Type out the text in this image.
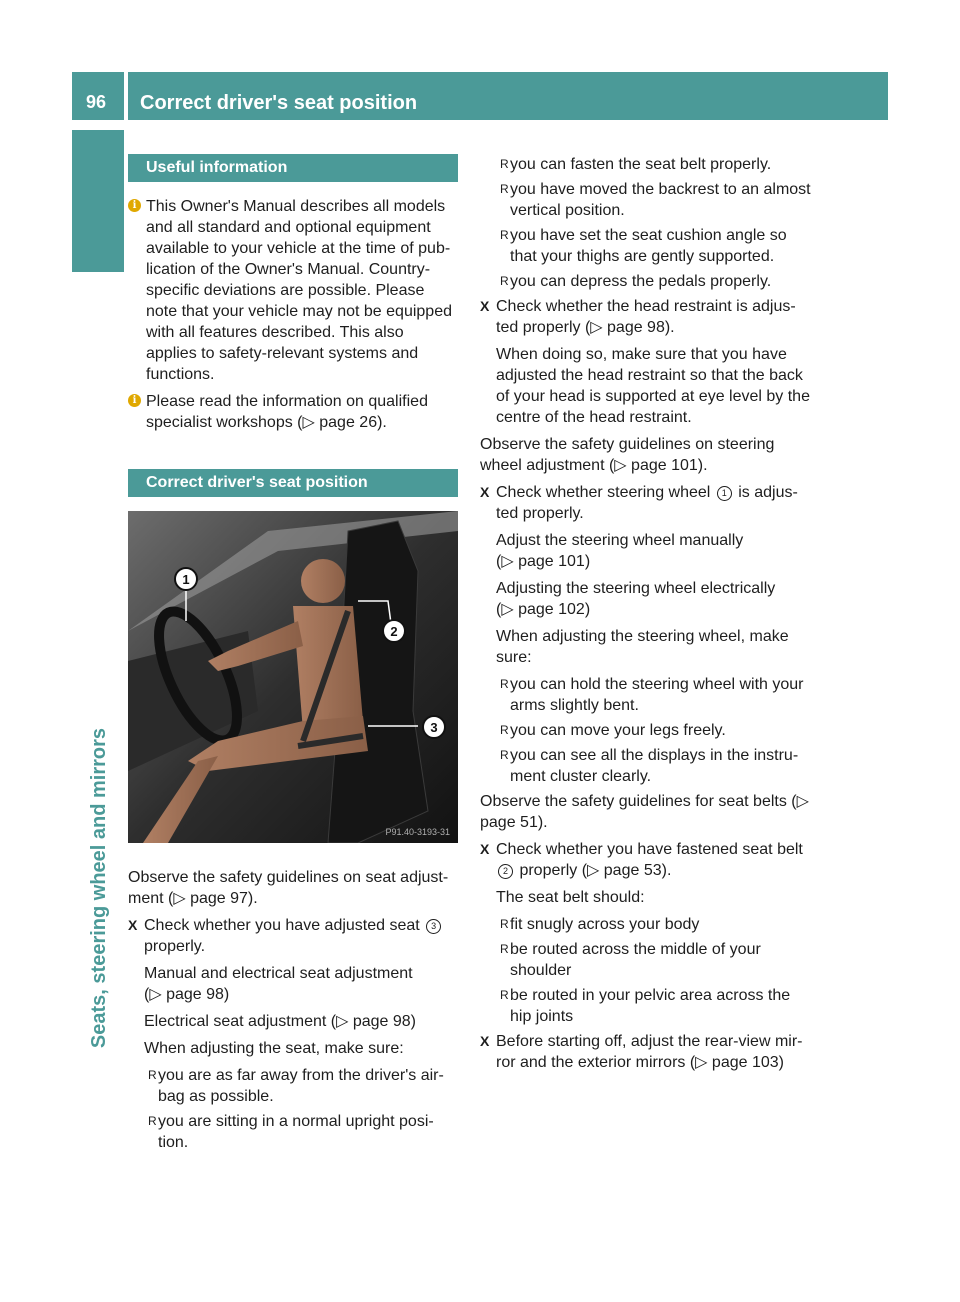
96	Correct driver's seat position
Seats, steering wheel and mirrors
Useful information

i This Owner's Manual describes all models and all standard and optional equipment available to your vehicle at the time of pub-lication of the Owner's Manual. Country-specific deviations are possible. Please note that your vehicle may not be equipped with all features described. This also applies to safety-relevant systems and functions.

i Please read the information on qualified specialist workshops (▷ page 26).

Correct driver's seat position
1
2
3
P91.40-3193-31

Observe the safety guidelines on seat adjust-ment (▷ page 97).

X Check whether you have adjusted seat 3 properly.

Manual and electrical seat adjustment
(▷ page 98)

Electrical seat adjustment (▷ page 98)

When adjusting the seat, make sure:

R you are as far away from the driver's air-bag as possible.

R you are sitting in a normal upright posi-tion.

R you can fasten the seat belt properly.

R you have moved the backrest to an almost vertical position.

R you have set the seat cushion angle so that your thighs are gently supported.

R you can depress the pedals properly.

X Check whether the head restraint is adjus-ted properly (▷ page 98).

When doing so, make sure that you have adjusted the head restraint so that the back of your head is supported at eye level by the centre of the head restraint.

Observe the safety guidelines on steering wheel adjustment (▷ page 101).

X Check whether steering wheel 1 is adjus-ted properly.

Adjust the steering wheel manually
(▷ page 101)

Adjusting the steering wheel electrically
(▷ page 102)

When adjusting the steering wheel, make sure:

R you can hold the steering wheel with your arms slightly bent.

R you can move your legs freely.

R you can see all the displays in the instru-ment cluster clearly.

Observe the safety guidelines for seat belts (▷ page 51).

X Check whether you have fastened seat belt 2 properly (▷ page 53).

The seat belt should:

R fit snugly across your body

R be routed across the middle of your shoulder

R be routed in your pelvic area across the hip joints

X Before starting off, adjust the rear-view mir-ror and the exterior mirrors (▷ page 103)
